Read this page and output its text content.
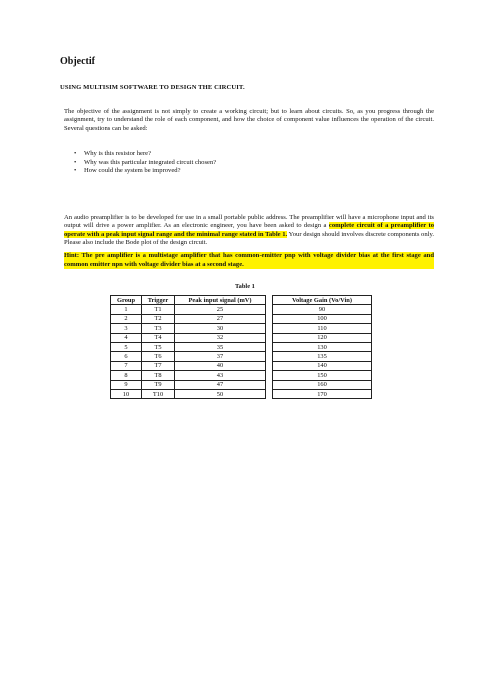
Objectif
USING MULTISIM SOFTWARE TO DESIGN THE CIRCUIT.
The objective of the assignment is not simply to create a working circuit; but to learn about circuits. So, as you progress through the assignment, try to understand the role of each component, and how the choice of component value influences the operation of the circuit. Several questions can be asked:
• Why is this resistor here?
• Why was this particular integrated circuit chosen?
• How could the system be improved?
An audio preamplifier is to be developed for use in a small portable public address. The preamplifier will have a microphone input and its output will drive a power amplifier. As an electronic engineer, you have been asked to design a complete circuit of a preamplifier to operate with a peak input signal range and the minimal range stated in Table 1. Your design should involves discrete components only. Please also include the Bode plot of the design circuit.
Hint: The pre amplifier is a multistage amplifier that has common-emitter pnp with voltage divider bias at the first stage and common emitter npn with voltage divider bias at a second stage.
Table 1
Group	Trigger	Peak input signal (mV)		Voltage Gain (Vo/Vin)
1	T1	25		90
2	T2	27		100
3	T3	30		110
4	T4	32		120
5	T5	35		130
6	T6	37		135
7	T7	40		140
8	T8	43		150
9	T9	47		160
10	T10	50		170
